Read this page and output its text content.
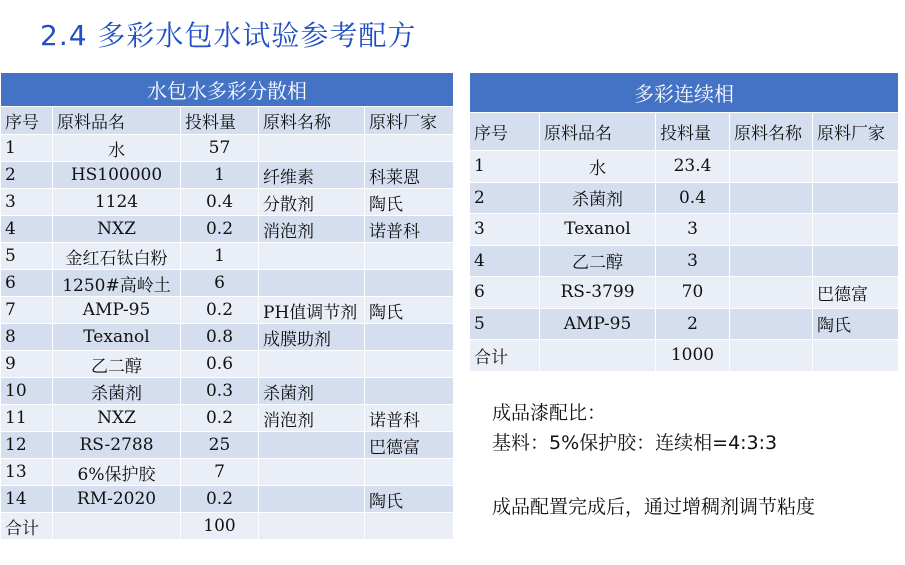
2.4 多彩水包水试验参考配方
水包水多彩分散相				
序号	原料品名	投料量	原料名称	原料厂家
1	水	57		
2	HS100000	1	纤维素	科莱恩
3	1124	0.4	分散剂	陶氏
4	NXZ	0.2	消泡剂	诺普科
5	金红石钛白粉	1		
6	1250#高岭土	6		
7	AMP-95	0.2	PH值调节剂	陶氏
8	Texanol	0.8	成膜助剂	
9	乙二醇	0.6		
10	杀菌剂	0.3	杀菌剂	
11	NXZ	0.2	消泡剂	诺普科
12	RS-2788	25		巴德富
13	6%保护胶	7		
14	RM-2020	0.2		陶氏
合计		100		
多彩连续相				
序号	原料品名	投料量	原料名称	原料厂家
1	水	23.4		
2	杀菌剂	0.4		
3	Texanol	3		
4	乙二醇	3		
6	RS-3799	70		巴德富
5	AMP-95	2		陶氏
合计		1000		
成品漆配比：
基料：5%保护胶：连续相=4:3:3
成品配置完成后，通过增稠剂调节粘度
